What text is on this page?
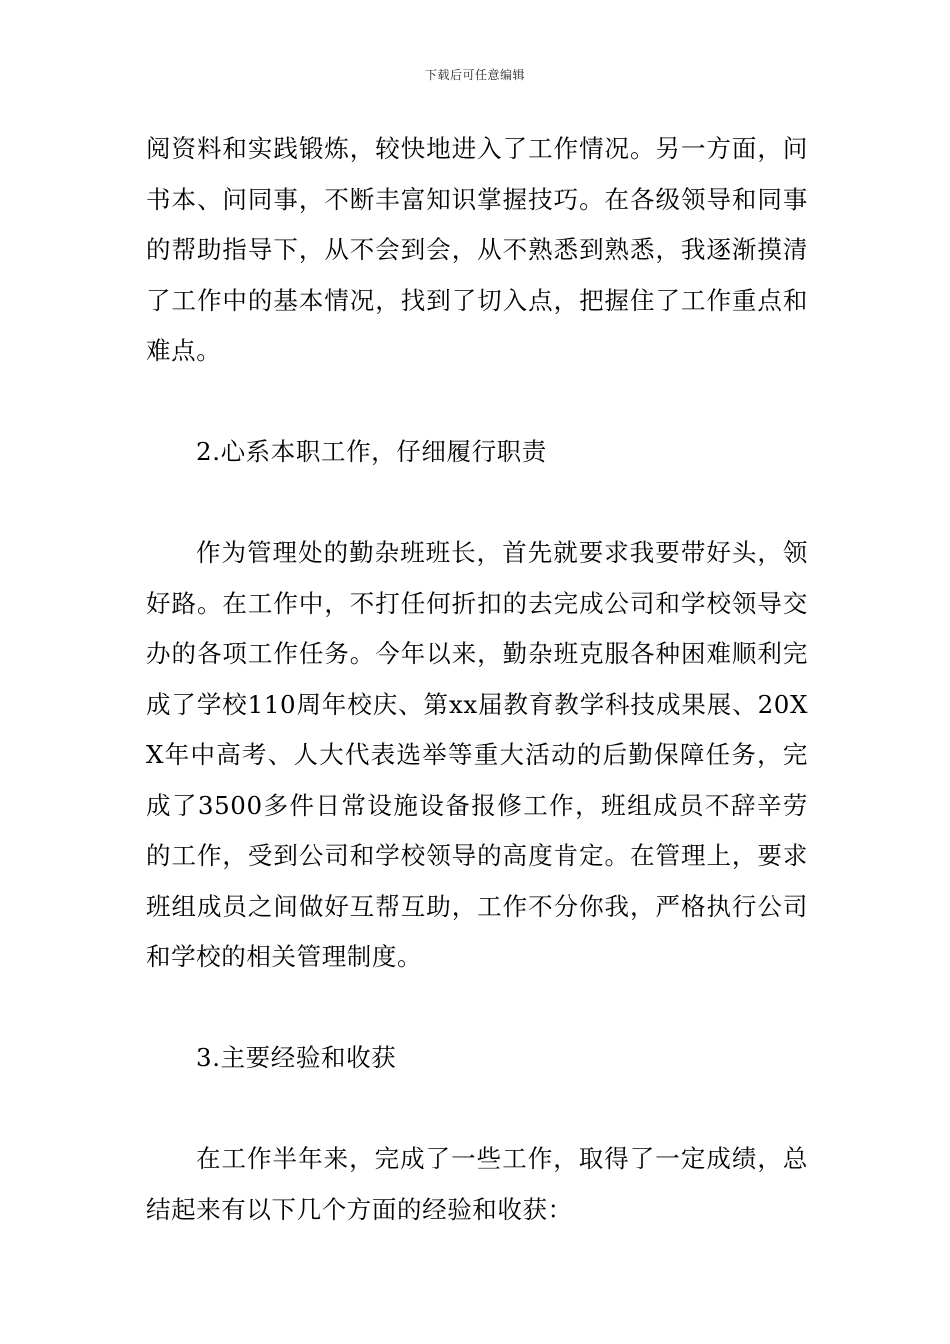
下载后可任意编辑

阅资料和实践锻炼，较快地进入了工作情况。另一方面，问书本、问同事，不断丰富知识掌握技巧。在各级领导和同事的帮助指导下，从不会到会，从不熟悉到熟悉，我逐渐摸清了工作中的基本情况，找到了切入点，把握住了工作重点和难点。

2.心系本职工作，仔细履行职责

作为管理处的勤杂班班长，首先就要求我要带好头，领好路。在工作中，不打任何折扣的去完成公司和学校领导交办的各项工作任务。今年以来，勤杂班克服各种困难顺利完成了学校110周年校庆、第xx届教育教学科技成果展、20XX年中高考、人大代表选举等重大活动的后勤保障任务，完成了3500多件日常设施设备报修工作，班组成员不辞辛劳的工作，受到公司和学校领导的高度肯定。在管理上，要求班组成员之间做好互帮互助，工作不分你我，严格执行公司和学校的相关管理制度。

3.主要经验和收获

在工作半年来，完成了一些工作，取得了一定成绩，总结起来有以下几个方面的经验和收获：
